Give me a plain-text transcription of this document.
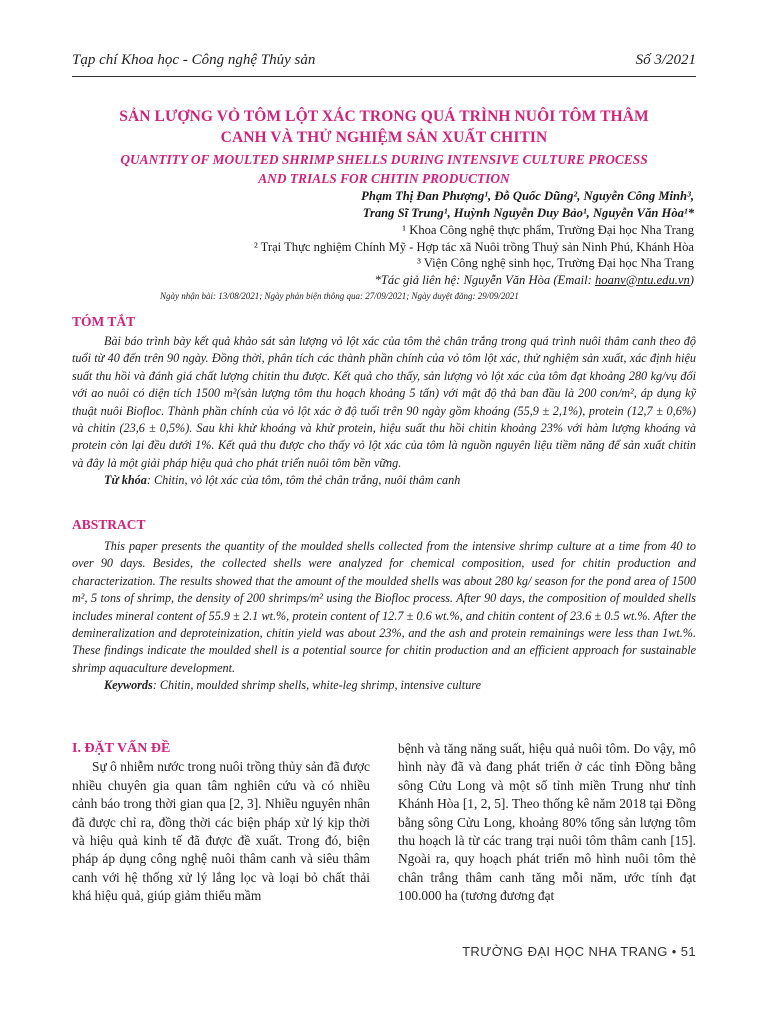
Tạp chí Khoa học - Công nghệ Thủy sản	Số 3/2021
SẢN LƯỢNG VỎ TÔM LỘT XÁC TRONG QUÁ TRÌNH NUÔI TÔM THÂM
CANH VÀ THỬ NGHIỆM SẢN XUẤT CHITIN
QUANTITY OF MOULTED SHRIMP SHELLS DURING INTENSIVE CULTURE PROCESS
AND TRIALS FOR CHITIN PRODUCTION
Phạm Thị Đan Phượng¹, Đỗ Quốc Dũng², Nguyễn Công Minh³,
Trang Sĩ Trung¹, Huỳnh Nguyễn Duy Bảo¹, Nguyễn Văn Hòa¹*
¹ Khoa Công nghệ thực phẩm, Trường Đại học Nha Trang
² Trại Thực nghiệm Chính Mỹ - Hợp tác xã Nuôi trồng Thuỷ sản Ninh Phú, Khánh Hòa
³ Viện Công nghệ sinh học, Trường Đại học Nha Trang
*Tác giả liên hệ: Nguyễn Văn Hòa (Email: hoanv@ntu.edu.vn)
Ngày nhận bài: 13/08/2021; Ngày phản biện thông qua: 27/09/2021; Ngày duyệt đăng: 29/09/2021
TÓM TẮT

Bài báo trình bày kết quả khảo sát sản lượng vỏ lột xác của tôm thẻ chân trắng trong quá trình nuôi thâm canh theo độ tuổi từ 40 đến trên 90 ngày. Đồng thời, phân tích các thành phần chính của vỏ tôm lột xác, thử nghiệm sản xuất, xác định hiệu suất thu hồi và đánh giá chất lượng chitin thu được. Kết quả cho thấy, sản lượng vỏ lột xác của tôm đạt khoảng 280 kg/vụ đối với ao nuôi có diện tích 1500 m²(sản lượng tôm thu hoạch khoảng 5 tấn) với mật độ thả ban đầu là 200 con/m², áp dụng kỹ thuật nuôi Biofloc. Thành phần chính của vỏ lột xác ở độ tuổi trên 90 ngày gồm khoáng (55,9 ± 2,1%), protein (12,7 ± 0,6%) và chitin (23,6 ± 0,5%). Sau khi khử khoáng và khử protein, hiệu suất thu hồi chitin khoảng 23% với hàm lượng khoáng và protein còn lại đều dưới 1%. Kết quả thu được cho thấy vỏ lột xác của tôm là nguồn nguyên liệu tiềm năng để sản xuất chitin và đây là một giải pháp hiệu quả cho phát triển nuôi tôm bền vững.

Từ khóa: Chitin, vỏ lột xác của tôm, tôm thẻ chân trắng, nuôi thâm canh
ABSTRACT

This paper presents the quantity of the moulded shells collected from the intensive shrimp culture at a time from 40 to over 90 days. Besides, the collected shells were analyzed for chemical composition, used for chitin production and characterization. The results showed that the amount of the moulded shells was about 280 kg/ season for the pond area of 1500 m², 5 tons of shrimp, the density of 200 shrimps/m² using the Biofloc process. After 90 days, the composition of moulded shells includes mineral content of 55.9 ± 2.1 wt.%, protein content of 12.7 ± 0.6 wt.%, and chitin content of 23.6 ± 0.5 wt.%. After the demineralization and deproteinization, chitin yield was about 23%, and the ash and protein remainings were less than 1wt.%. These findings indicate the moulded shell is a potential source for chitin production and an efficient approach for sustainable shrimp aquaculture development.

Keywords: Chitin, moulded shrimp shells, white-leg shrimp, intensive culture
I. ĐẶT VẤN ĐỀ

Sự ô nhiễm nước trong nuôi trồng thủy sản đã được nhiều chuyên gia quan tâm nghiên cứu và có nhiều cảnh báo trong thời gian qua [2, 3]. Nhiều nguyên nhân đã được chỉ ra, đồng thời các biện pháp xử lý kịp thời và hiệu quả kinh tế đã được đề xuất. Trong đó, biện pháp áp dụng công nghệ nuôi thâm canh và siêu thâm canh với hệ thống xử lý lắng lọc và loại bỏ chất thải khá hiệu quả, giúp giảm thiểu mầm

bệnh và tăng năng suất, hiệu quả nuôi tôm. Do vậy, mô hình này đã và đang phát triển ở các tỉnh Đồng bằng sông Cửu Long và một số tỉnh miền Trung như tỉnh Khánh Hòa [1, 2, 5]. Theo thống kê năm 2018 tại Đồng bằng sông Cửu Long, khoảng 80% tổng sản lượng tôm thu hoạch là từ các trang trại nuôi tôm thâm canh [15]. Ngoài ra, quy hoạch phát triển mô hình nuôi tôm thẻ chân trắng thâm canh tăng mỗi năm, ước tính đạt 100.000 ha (tương đương đạt

TRƯỜNG ĐẠI HỌC NHA TRANG • 51
